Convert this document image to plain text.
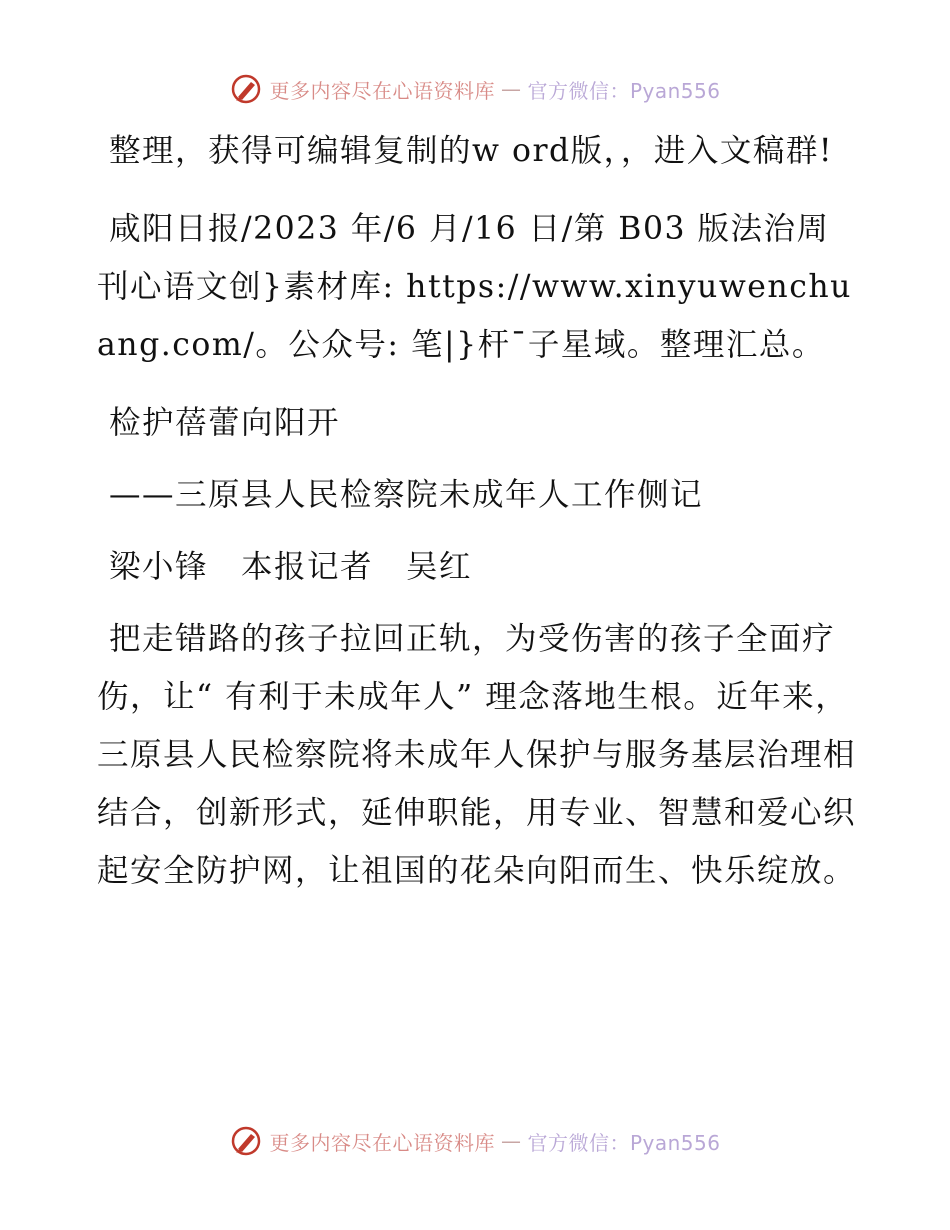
更多内容尽在心语资料库 — 官方微信：Pyan556

整理，获得可编辑复制的w ord版，，进入文稿群!

咸阳日报/2023 年/6 月/16 日/第 B03 版法治周刊心语文创}素材库: https://www.xinyuwenchuang.com/。公众号: 笔|}杆¯子星域。整理汇总。

检护蓓蕾向阳开

——三原县人民检察院未成年人工作侧记

梁小锋　本报记者　吴红

把走错路的孩子拉回正轨，为受伤害的孩子全面疗伤，让“ 有利于未成年人” 理念落地生根。近年来，三原县人民检察院将未成年人保护与服务基层治理相结合，创新形式，延伸职能，用专业、智慧和爱心织起安全防护网，让祖国的花朵向阳而生、快乐绽放。

更多内容尽在心语资料库 — 官方微信：Pyan556
